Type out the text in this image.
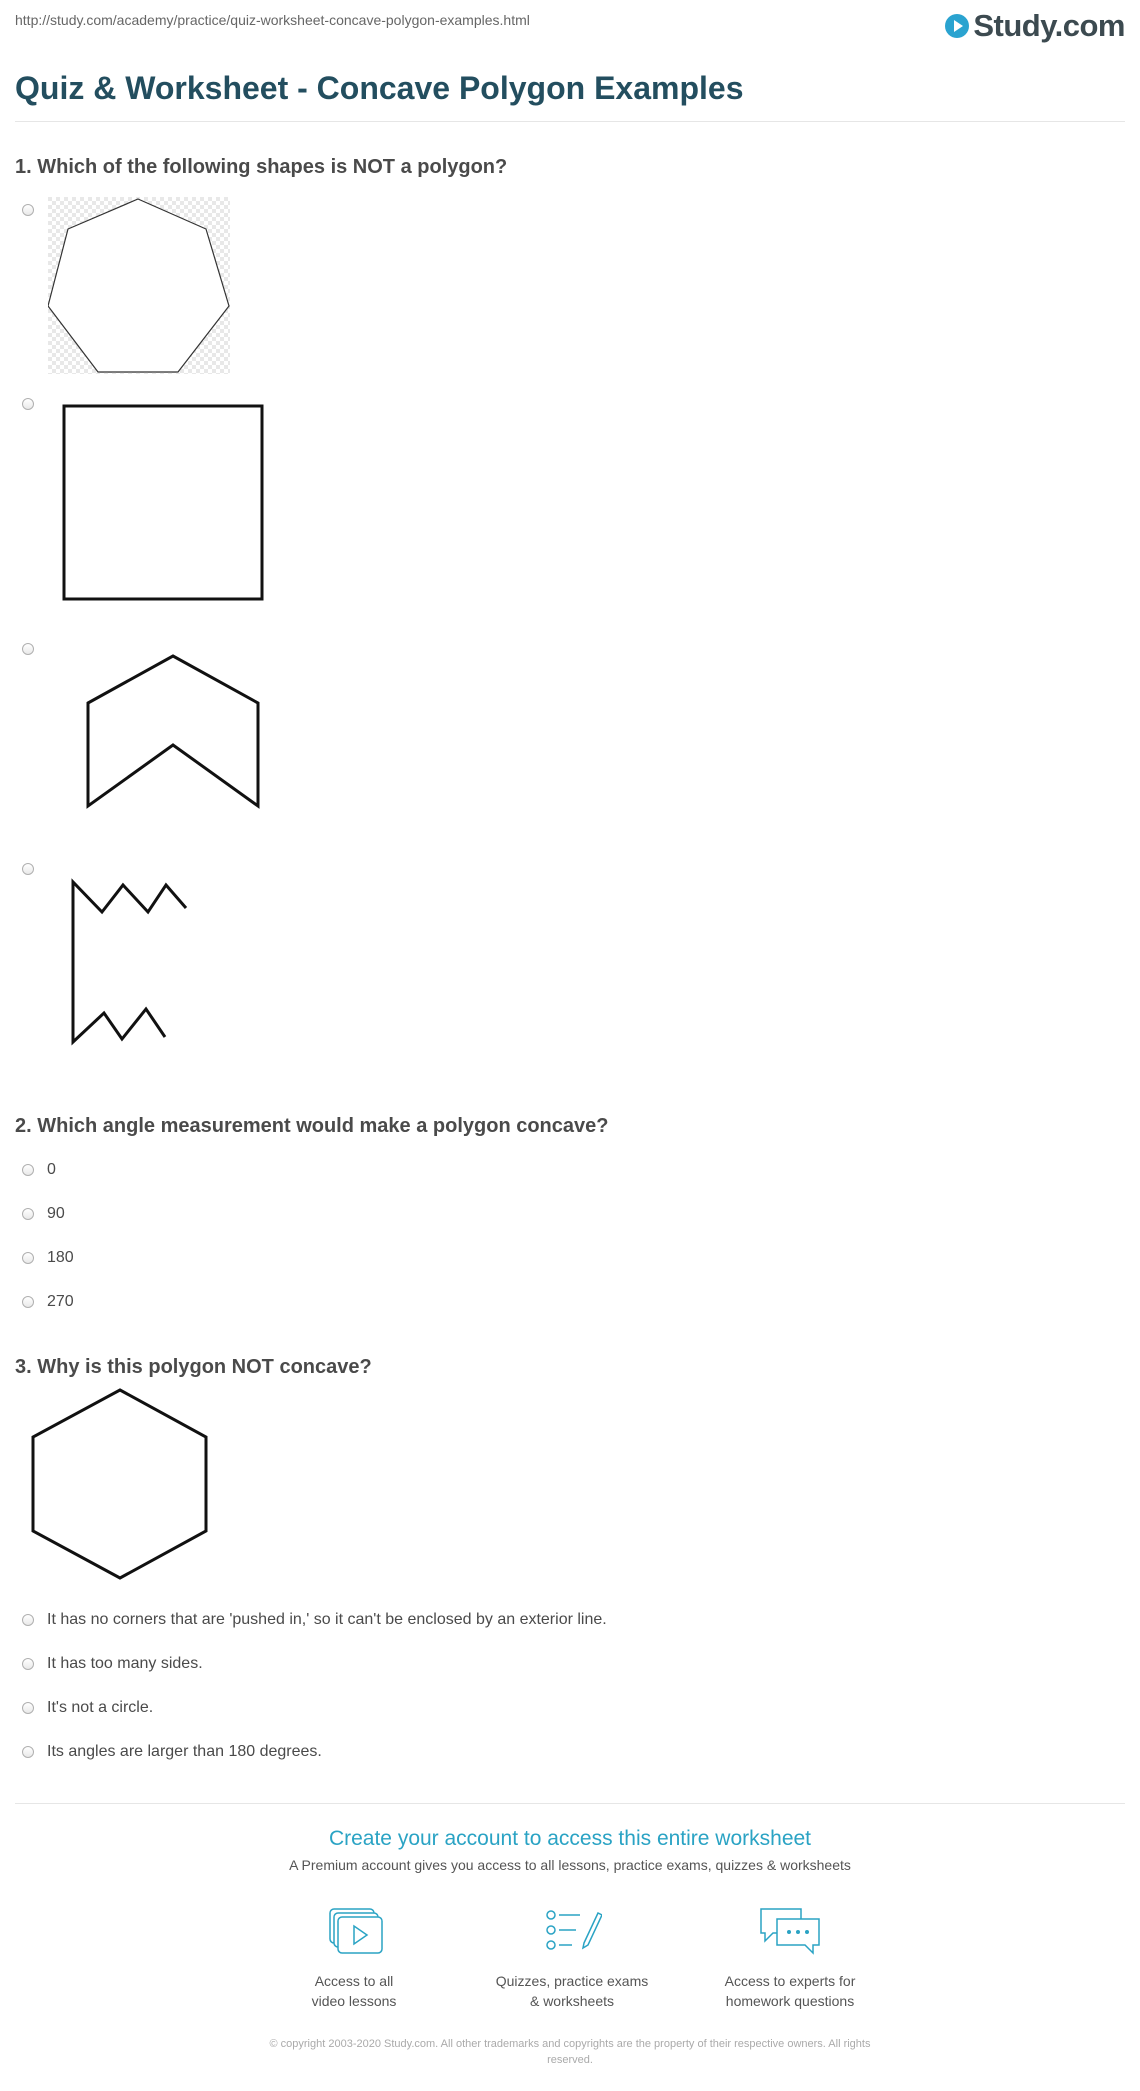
http://study.com/academy/practice/quiz-worksheet-concave-polygon-examples.html	Study.com
Quiz & Worksheet - Concave Polygon Examples
1. Which of the following shapes is NOT a polygon?
2. Which angle measurement would make a polygon concave?
0
90
180
270
3. Why is this polygon NOT concave?
It has no corners that are 'pushed in,' so it can't be enclosed by an exterior line.
It has too many sides.
It's not a circle.
Its angles are larger than 180 degrees.
Create your account to access this entire worksheet
A Premium account gives you access to all lessons, practice exams, quizzes & worksheets
Access to all
video lessons
Quizzes, practice exams
& worksheets
Access to experts for
homework questions
© copyright 2003-2020 Study.com. All other trademarks and copyrights are the property of their respective owners. All rights
reserved.
